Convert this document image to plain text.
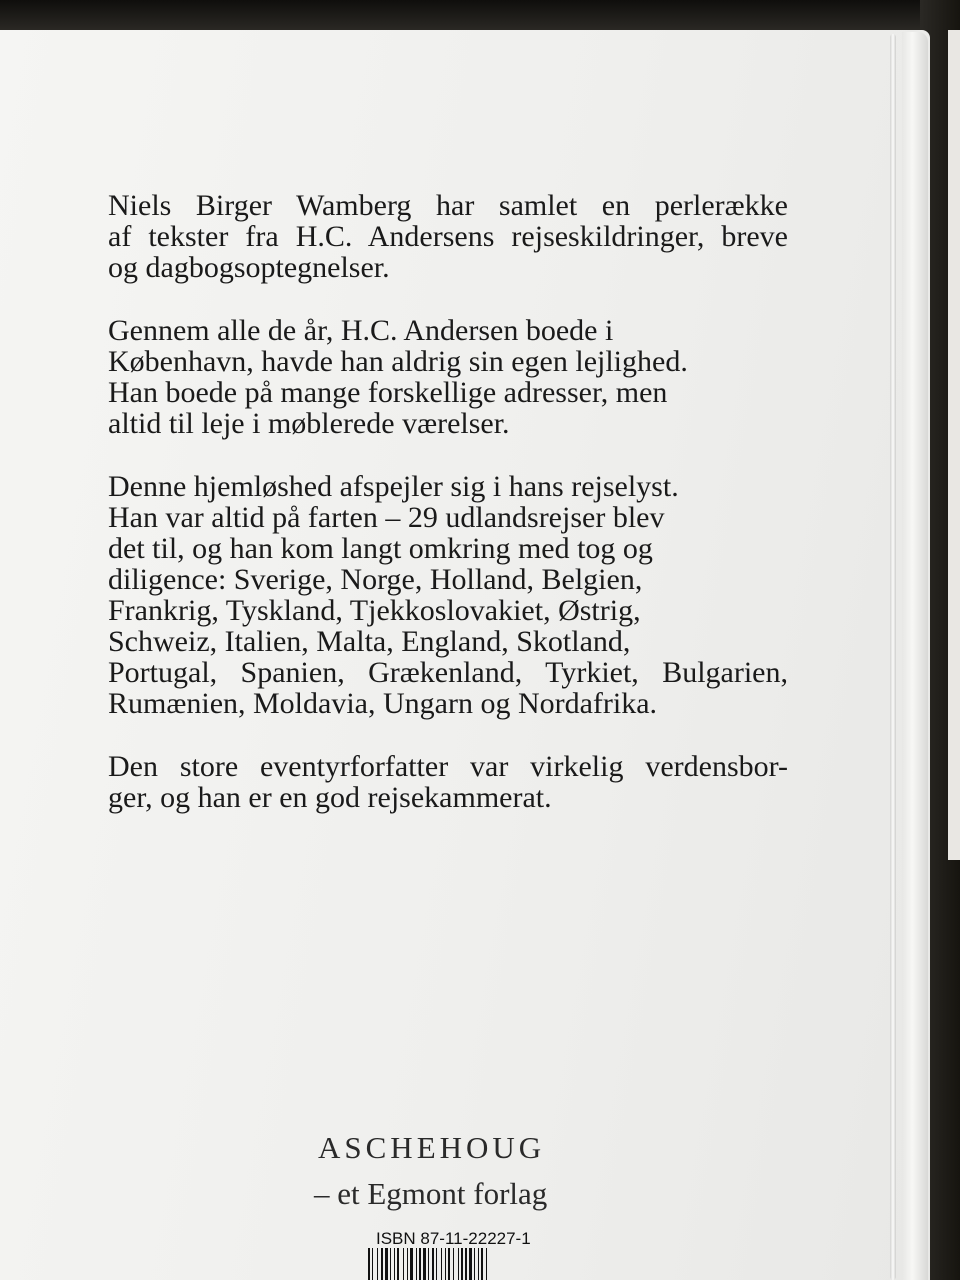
Niels Birger Wamberg har samlet en perlerække
af tekster fra H.C. Andersens rejseskildringer, breve
og dagbogsoptegnelser.
Gennem alle de år, H.C. Andersen boede i
København, havde han aldrig sin egen lejlighed.
Han boede på mange forskellige adresser, men
altid til leje i møblerede værelser.
Denne hjemløshed afspejler sig i hans rejselyst.
Han var altid på farten – 29 udlandsrejser blev
det til, og han kom langt omkring med tog og
diligence: Sverige, Norge, Holland, Belgien,
Frankrig, Tyskland, Tjekkoslovakiet, Østrig,
Schweiz, Italien, Malta, England, Skotland,
Portugal, Spanien, Grækenland, Tyrkiet, Bulgarien,
Rumænien, Moldavia, Ungarn og Nordafrika.
Den store eventyrforfatter var virkelig verdensbor-
ger, og han er en god rejsekammerat.
ASCHEHOUG
– et Egmont forlag
ISBN 87-11-22227-1
